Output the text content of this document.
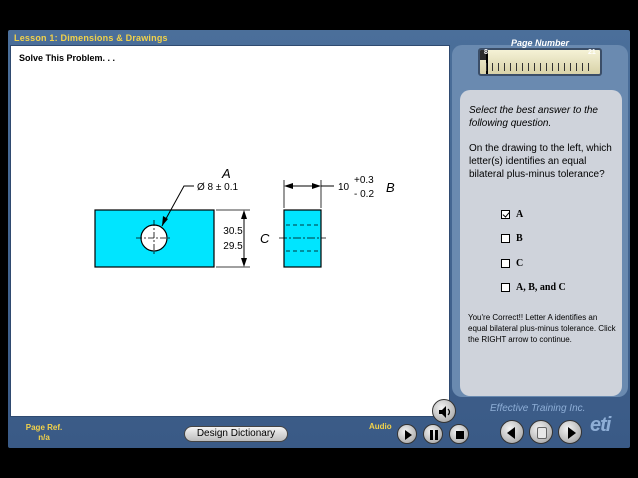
Lesson 1: Dimensions & Drawings
Solve This Problem. . .
A
Ø 8 ± 0.1
30.5
29.5
C
10
+0.3
- 0.2 B
Page Number
8	21
Select the best answer to the following question.
On the drawing to the left, which letter(s) identifies an equal bilateral plus-minus tolerance?
A
B
C
A, B, and C
You're Correct!! Letter A identifies an equal bilateral plus-minus tolerance. Click the RIGHT arrow to continue.
Page Ref.
n/a	Design Dictionary
Audio
Effective Training Inc.
eti
